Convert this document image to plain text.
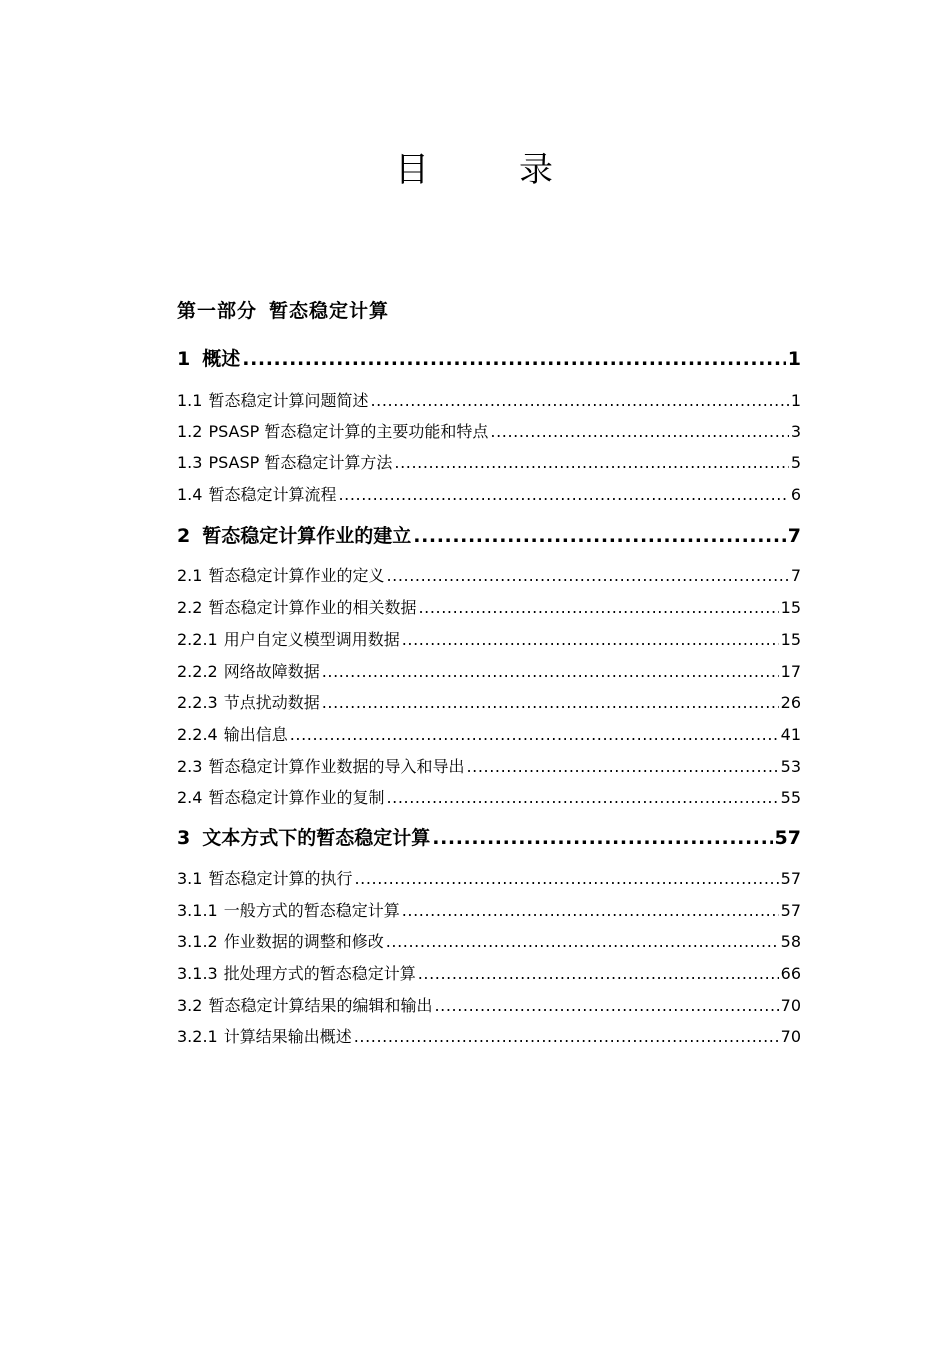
目	录
第一部分 暂态稳定计算
1 概述 .....	1
1.1 暂态稳定计算问题简述 .....	1
1.2 PSASP 暂态稳定计算的主要功能和特点 .....	3
1.3 PSASP 暂态稳定计算方法 .....	5
1.4 暂态稳定计算流程 .....	6
2 暂态稳定计算作业的建立 .....	7
2.1 暂态稳定计算作业的定义 .....	7
2.2 暂态稳定计算作业的相关数据 .....	15
2.2.1 用户自定义模型调用数据 .....	15
2.2.2 网络故障数据 .....	17
2.2.3 节点扰动数据 .....	26
2.2.4 输出信息 .....	41
2.3 暂态稳定计算作业数据的导入和导出 .....	53
2.4 暂态稳定计算作业的复制 .....	55
3 文本方式下的暂态稳定计算 .....	57
3.1 暂态稳定计算的执行 .....	57
3.1.1 一般方式的暂态稳定计算 .....	57
3.1.2 作业数据的调整和修改 .....	58
3.1.3 批处理方式的暂态稳定计算 .....	66
3.2 暂态稳定计算结果的编辑和输出 .....	70
3.2.1 计算结果输出概述 .....	70
